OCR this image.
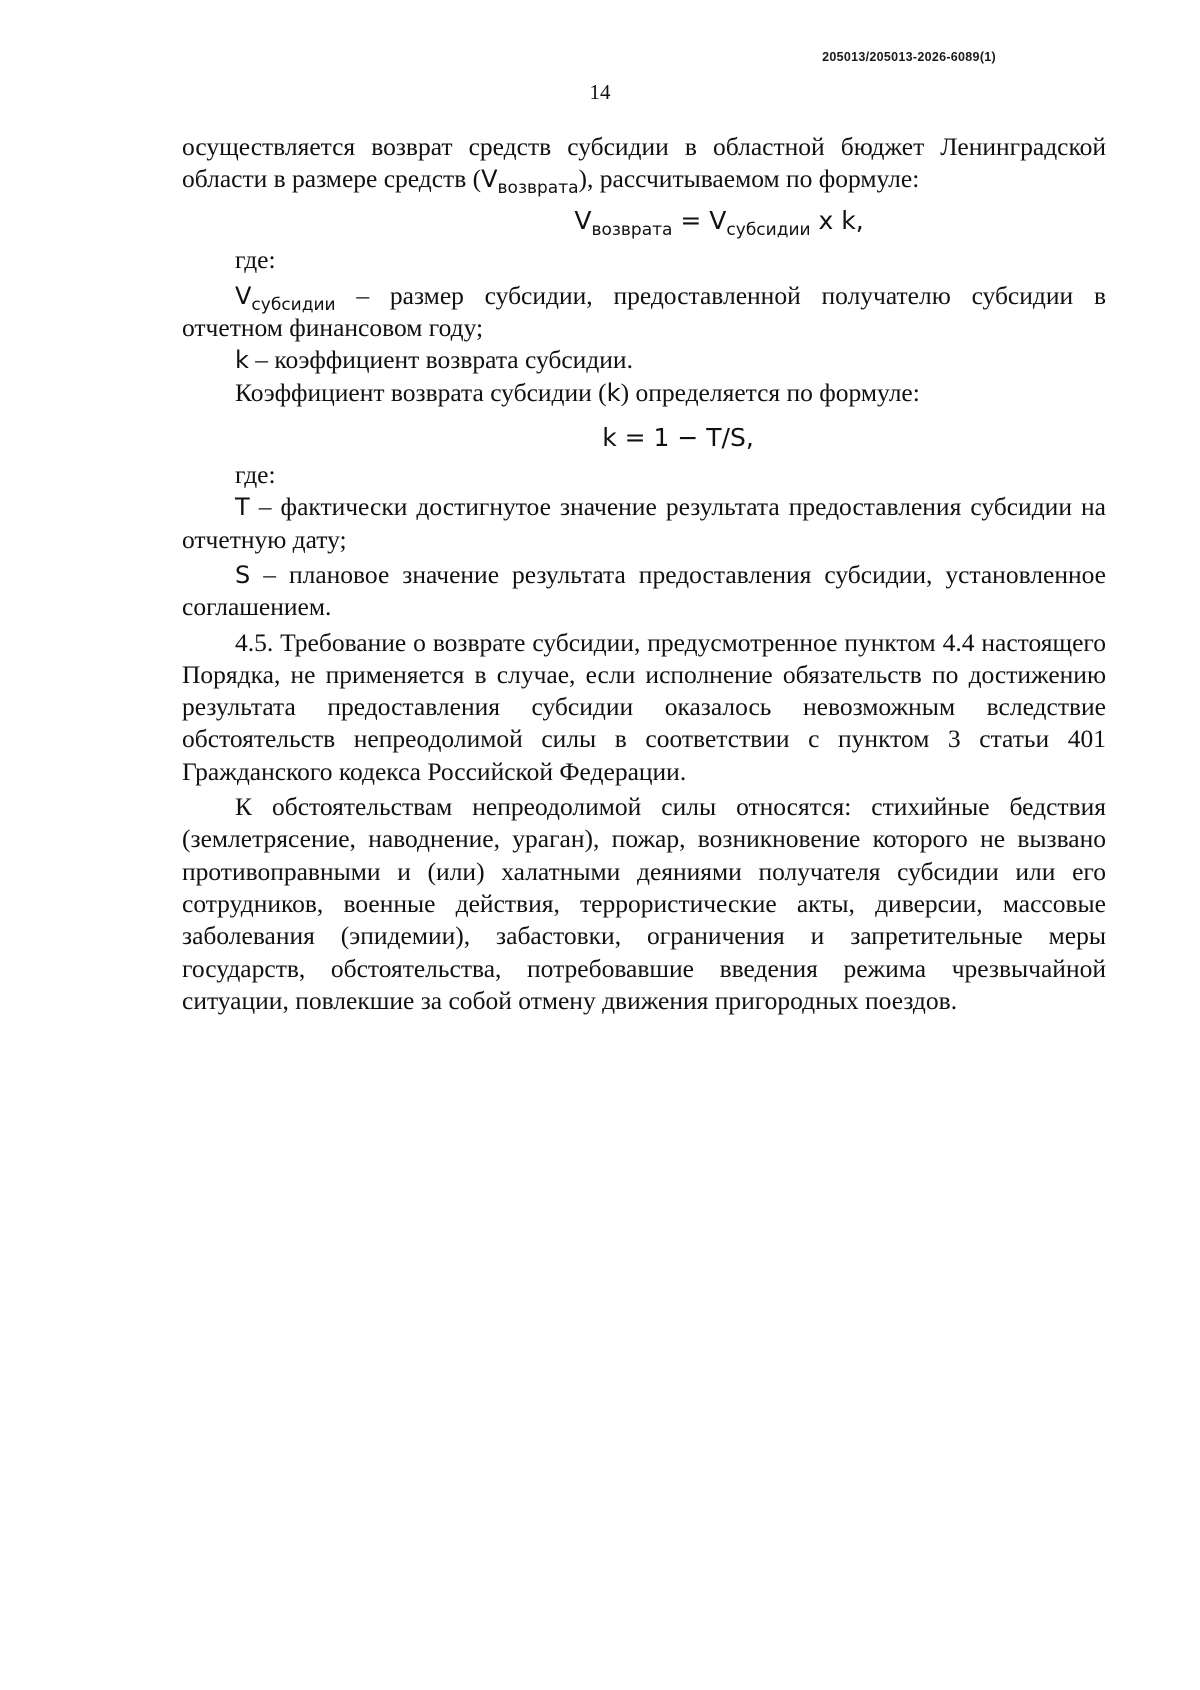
205013/205013-2026-6089(1)
14

осуществляется возврат средств субсидии в областной бюджет Ленинградской области в размере средств $(V_{возврата})$, рассчитываемом по формуле:

$V_{возврата} = V_{субсидии}$ x k,

где:

$V_{субсидии}$ – размер субсидии, предоставленной получателю субсидии в отчетном финансовом году;

k – коэффициент возврата субсидии.

Коэффициент возврата субсидии (k) определяется по формуле:

k = 1 − T/S,

где:

T – фактически достигнутое значение результата предоставления субсидии на отчетную дату;

S – плановое значение результата предоставления субсидии, установленное соглашением.

4.5. Требование о возврате субсидии, предусмотренное пунктом 4.4 настоящего Порядка, не применяется в случае, если исполнение обязательств по достижению результата предоставления субсидии оказалось невозможным вследствие обстоятельств непреодолимой силы в соответствии с пунктом 3 статьи 401 Гражданского кодекса Российской Федерации.

К обстоятельствам непреодолимой силы относятся: стихийные бедствия (землетрясение, наводнение, ураган), пожар, возникновение которого не вызвано противоправными и (или) халатными деяниями получателя субсидии или его сотрудников, военные действия, террористические акты, диверсии, массовые заболевания (эпидемии), забастовки, ограничения и запретительные меры государств, обстоятельства, потребовавшие введения режима чрезвычайной ситуации, повлекшие за собой отмену движения пригородных поездов.
